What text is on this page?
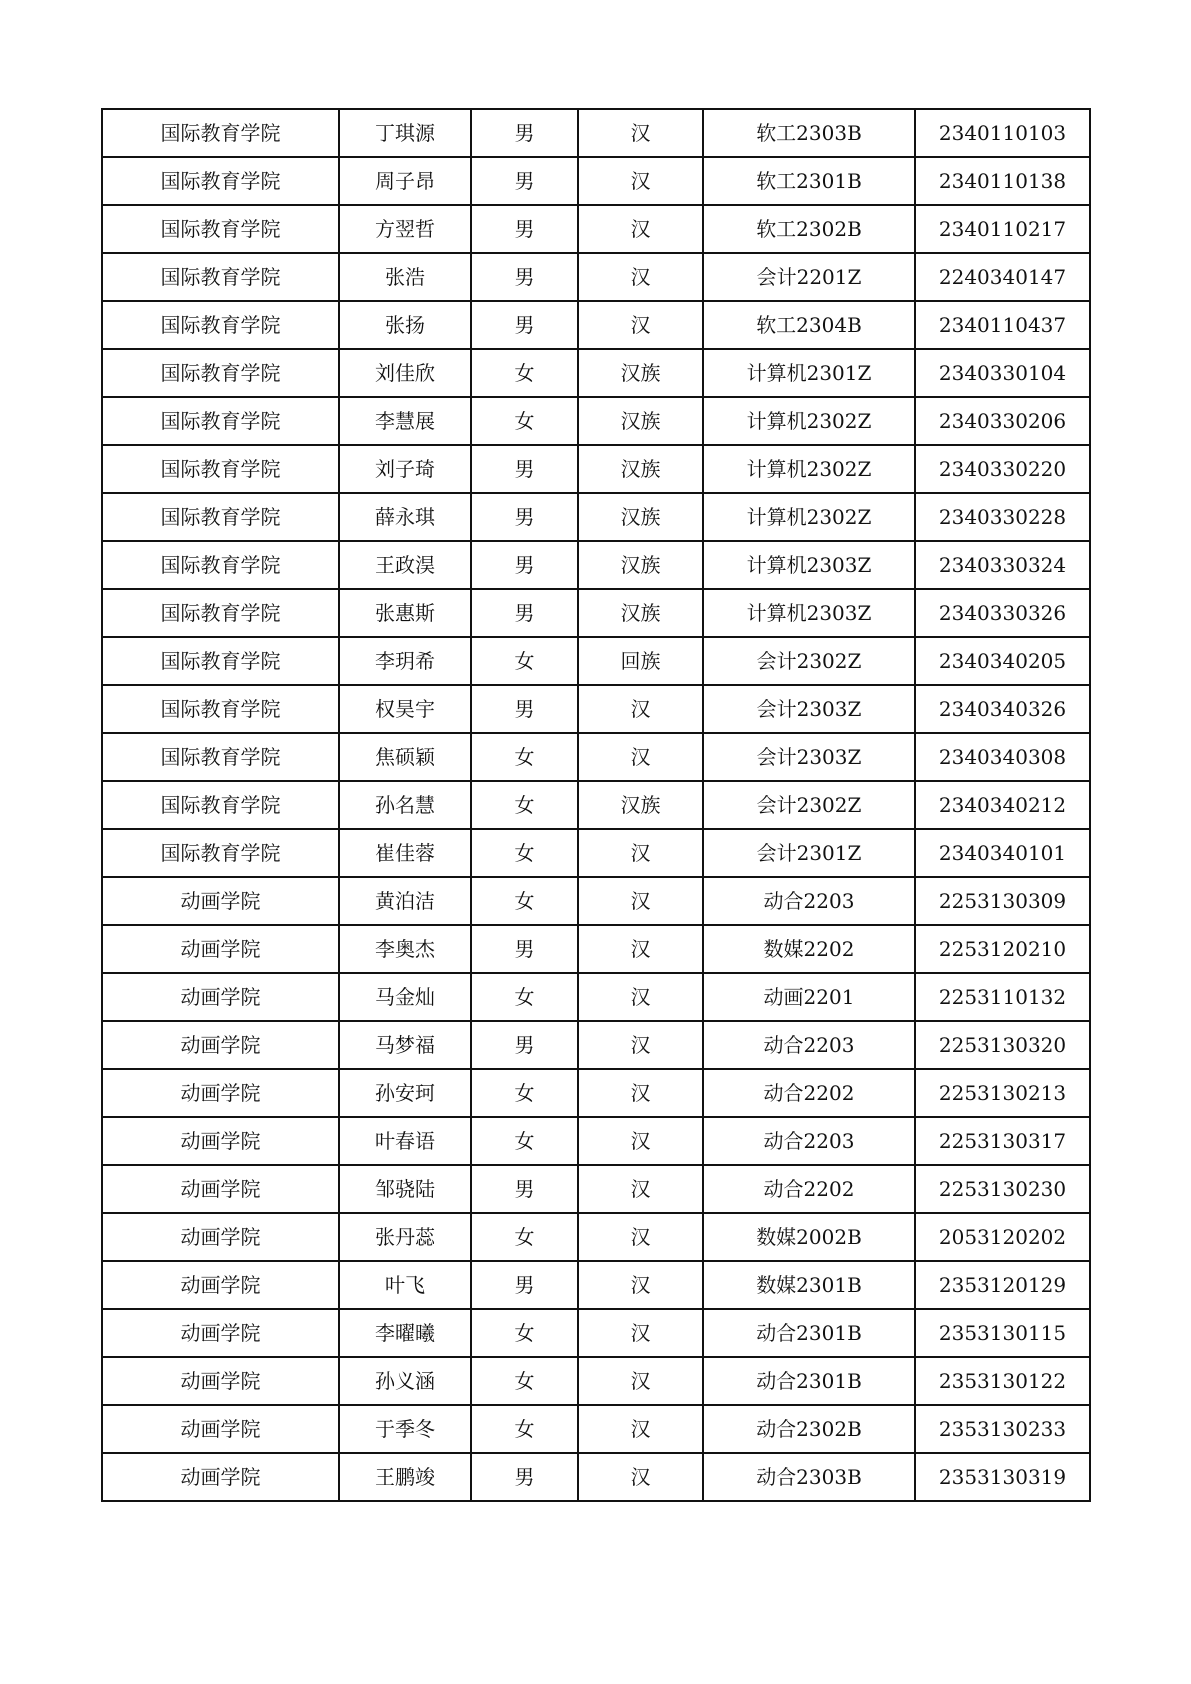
国际教育学院	丁琪源	男	汉	软工2303B	2340110103
国际教育学院	周子昂	男	汉	软工2301B	2340110138
国际教育学院	方翌哲	男	汉	软工2302B	2340110217
国际教育学院	张浩	男	汉	会计2201Z	2240340147
国际教育学院	张扬	男	汉	软工2304B	2340110437
国际教育学院	刘佳欣	女	汉族	计算机2301Z	2340330104
国际教育学院	李慧展	女	汉族	计算机2302Z	2340330206
国际教育学院	刘子琦	男	汉族	计算机2302Z	2340330220
国际教育学院	薛永琪	男	汉族	计算机2302Z	2340330228
国际教育学院	王政淏	男	汉族	计算机2303Z	2340330324
国际教育学院	张惠斯	男	汉族	计算机2303Z	2340330326
国际教育学院	李玥希	女	回族	会计2302Z	2340340205
国际教育学院	权昊宇	男	汉	会计2303Z	2340340326
国际教育学院	焦硕颖	女	汉	会计2303Z	2340340308
国际教育学院	孙名慧	女	汉族	会计2302Z	2340340212
国际教育学院	崔佳蓉	女	汉	会计2301Z	2340340101
动画学院	黄泊洁	女	汉	动合2203	2253130309
动画学院	李奥杰	男	汉	数媒2202	2253120210
动画学院	马金灿	女	汉	动画2201	2253110132
动画学院	马梦福	男	汉	动合2203	2253130320
动画学院	孙安珂	女	汉	动合2202	2253130213
动画学院	叶春语	女	汉	动合2203	2253130317
动画学院	邹骁陆	男	汉	动合2202	2253130230
动画学院	张丹蕊	女	汉	数媒2002B	2053120202
动画学院	叶飞	男	汉	数媒2301B	2353120129
动画学院	李曜曦	女	汉	动合2301B	2353130115
动画学院	孙义涵	女	汉	动合2301B	2353130122
动画学院	于季冬	女	汉	动合2302B	2353130233
动画学院	王鹏竣	男	汉	动合2303B	2353130319
